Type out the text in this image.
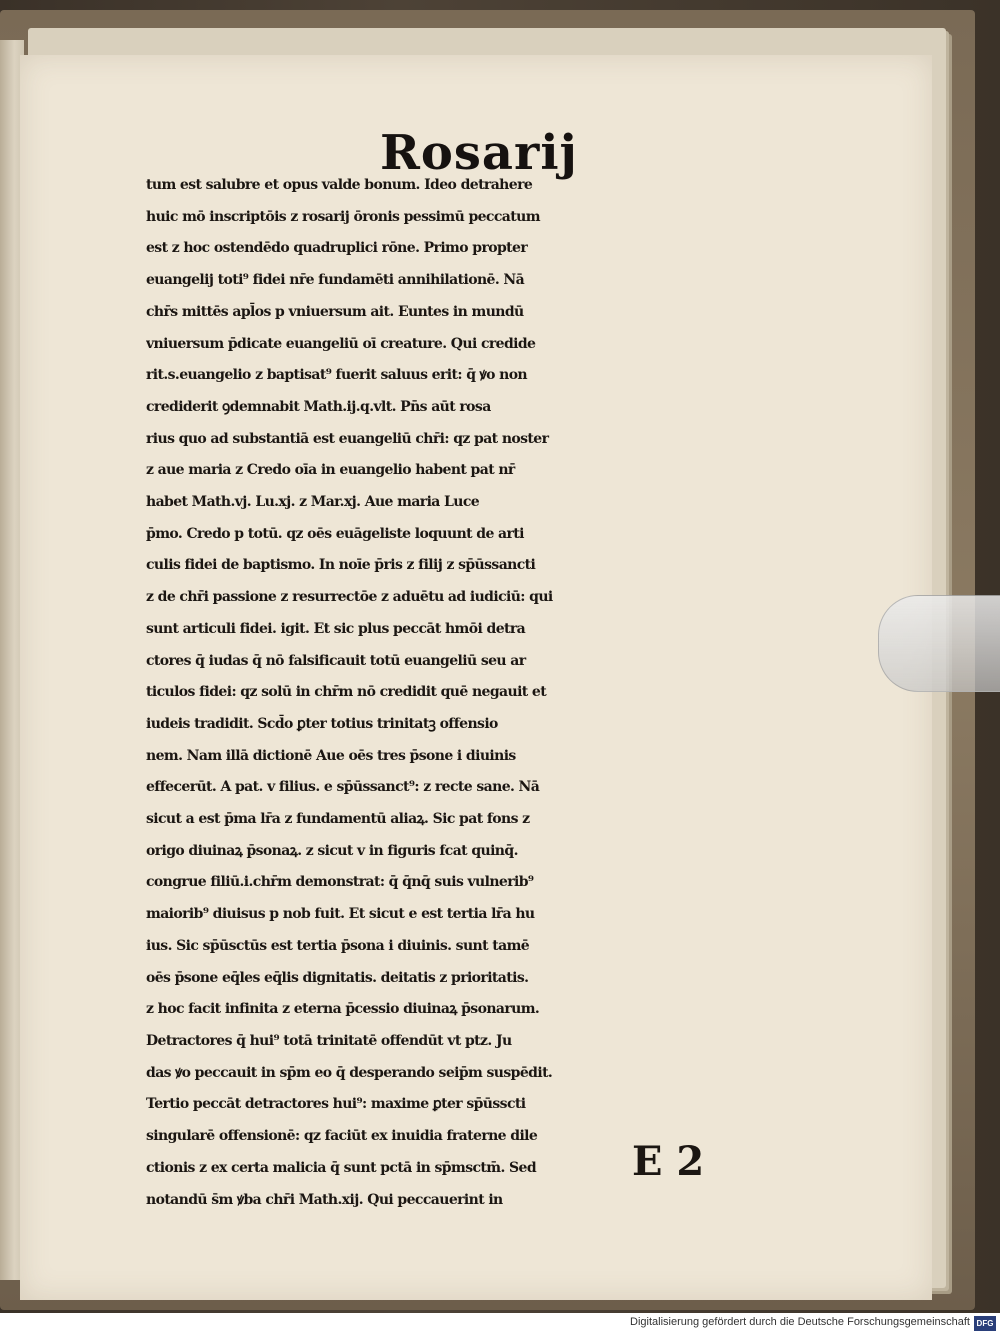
Rosarij
tum est salubre et opus valde bonum. Ideo detrahere
huic mō inscriptōis z rosarij ōronis pessimū peccatum
est z hoc ostendēdo quadruplici rōne. Primo propter
euangelij toti⁹ fidei nr̄e fundamēti annihilationē. Nā
chr̄s mittēs apl̄os p vniuersum ait. Euntes in mundū
vniuersum p̄dicate euangeliū oī creature. Qui credide
rit.s.euangelio z baptisat⁹ fuerit saluus erit: q̄ ꝟo non
crediderit ꝯdemnabit Math.ij.q.vlt. Pn̄s aūt rosa
rius quo ad substantiā est euangeliū chr̄i: qz pat noster
z aue maria z Credo oīa in euangelio habent pat nr̄
habet Math.vj. Lu.xj. z Mar.xj. Aue maria Luce
p̄mo. Credo p totū. qz oēs euāgeliste loquunt de arti
culis fidei de baptismo. In noīe p̄ris z filij z sp̄ūssancti
z de chr̄i passione z resurrectōe z aduētu ad iudiciū: qui
sunt articuli fidei. igit. Et sic plus peccāt hmōi detra
ctores q̄ iudas q̄ nō falsificauit totū euangeliū seu ar
ticulos fidei: qz solū in chr̄m nō credidit quē negauit et
iudeis tradidit. Scd̄o ꝑter totius trinitatꝫ offensio
nem. Nam illā dictionē Aue oēs tres p̄sone i diuinis
effecerūt. A pat. v filius. e sp̄ūssanct⁹: z recte sane. Nā
sicut a est p̄ma lr̄a z fundamentū aliaꝝ. Sic pat fons z
origo diuinaꝝ p̄sonaꝝ. z sicut v in figuris fcat quinq̄.
congrue filiū.i.chr̄m demonstrat: q̄ q̄nq̄ suis vulnerib⁹
maiorib⁹ diuisus p nob fuit. Et sicut e est tertia lr̄a hu
ius. Sic sp̄ūsctūs est tertia p̄sona i diuinis. sunt tamē
oēs p̄sone eq̄les eq̄lis dignitatis. deitatis z prioritatis.
z hoc facit infinita z eterna p̄cessio diuinaꝝ p̄sonarum.
Detractores q̄ hui⁹ totā trinitatē offendūt vt ptz. Ju
das ꝟo peccauit in sp̄m eo q̄ desperando seip̄m suspēdit.
Tertio peccāt detractores hui⁹: maxime ꝑter sp̄ūsscti
singularē offensionē: qz faciūt ex inuidia fraterne dile
ctionis z ex certa malicia q̄ sunt pctā in sp̄msctm̄. Sed
notandū s̄m ꝟba chr̄i Math.xij. Qui peccauerint in
E 2
Digitalisierung gefördert durch die Deutsche Forschungsgemeinschaft DFG
